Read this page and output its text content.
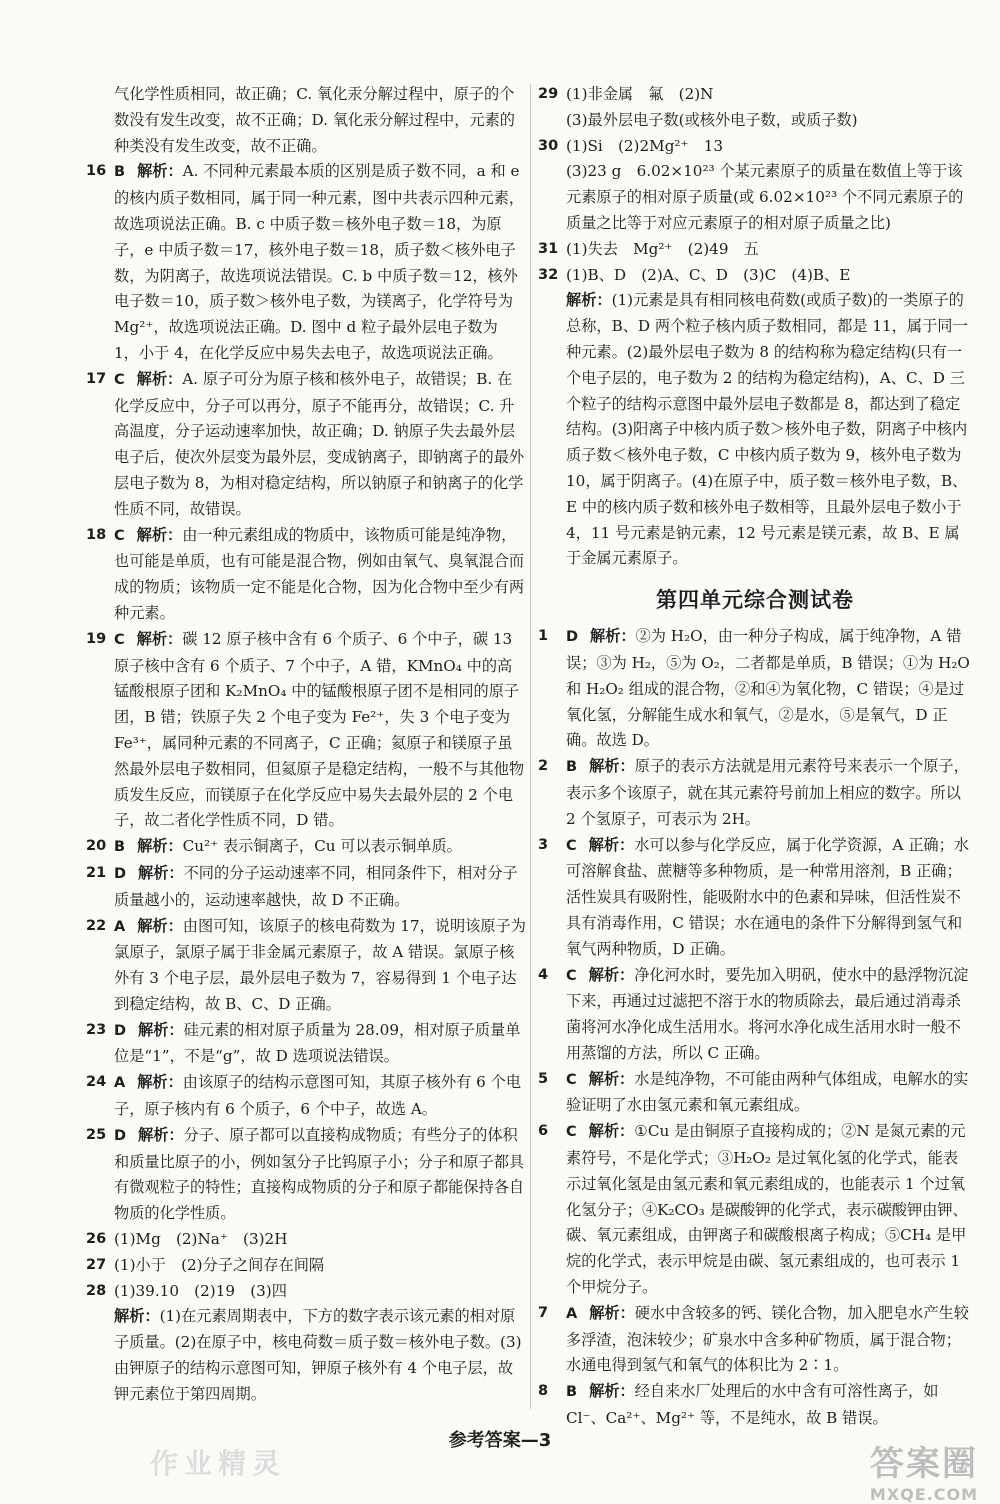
气化学性质相同，故正确；C. 氧化汞分解过程中，原子的个数没有发生改变，故不正确；D. 氧化汞分解过程中，元素的种类没有发生改变，故不正确。
16 B 解析：A. 不同种元素最本质的区别是质子数不同，a 和 e 的核内质子数相同，属于同一种元素，图中共表示四种元素，故选项说法正确。B. c 中质子数＝核外电子数＝18，为原子，e 中质子数＝17，核外电子数＝18，质子数＜核外电子数，为阴离子，故选项说法错误。C. b 中质子数＝12，核外电子数＝10，质子数＞核外电子数，为镁离子，化学符号为 Mg²⁺，故选项说法正确。D. 图中 d 粒子最外层电子数为 1，小于 4，在化学反应中易失去电子，故选项说法正确。
17 C 解析：A. 原子可分为原子核和核外电子，故错误；B. 在化学反应中，分子可以再分，原子不能再分，故错误；C. 升高温度，分子运动速率加快，故正确；D. 钠原子失去最外层电子后，使次外层变为最外层，变成钠离子，即钠离子的最外层电子数为 8，为相对稳定结构，所以钠原子和钠离子的化学性质不同，故错误。
18 C 解析：由一种元素组成的物质中，该物质可能是纯净物，也可能是单质，也有可能是混合物，例如由氧气、臭氧混合而成的物质；该物质一定不能是化合物，因为化合物中至少有两种元素。
19 C 解析：碳 12 原子核中含有 6 个质子、6 个中子，碳 13 原子核中含有 6 个质子、7 个中子，A 错，KMnO₄ 中的高锰酸根原子团和 K₂MnO₄ 中的锰酸根原子团不是相同的原子团，B 错；铁原子失 2 个电子变为 Fe²⁺，失 3 个电子变为 Fe³⁺，属同种元素的不同离子，C 正确；氦原子和镁原子虽然最外层电子数相同，但氦原子是稳定结构，一般不与其他物质发生反应，而镁原子在化学反应中易失去最外层的 2 个电子，故二者化学性质不同，D 错。
20 B 解析：Cu²⁺ 表示铜离子，Cu 可以表示铜单质。
21 D 解析：不同的分子运动速率不同，相同条件下，相对分子质量越小的，运动速率越快，故 D 不正确。
22 A 解析：由图可知，该原子的核电荷数为 17，说明该原子为氯原子，氯原子属于非金属元素原子，故 A 错误。氯原子核外有 3 个电子层，最外层电子数为 7，容易得到 1 个电子达到稳定结构，故 B、C、D 正确。
23 D 解析：硅元素的相对原子质量为 28.09，相对原子质量单位是“1”，不是“g”，故 D 选项说法错误。
24 A 解析：由该原子的结构示意图可知，其原子核外有 6 个电子，原子核内有 6 个质子，6 个中子，故选 A。
25 D 解析：分子、原子都可以直接构成物质；有些分子的体积和质量比原子的小，例如氢分子比钨原子小；分子和原子都具有微观粒子的特性；直接构成物质的分子和原子都能保持各自物质的化学性质。
26 (1)Mg　(2)Na⁺　(3)2H
27 (1)小于　(2)分子之间存在间隔
28 (1)39.10　(2)19　(3)四
解析：(1)在元素周期表中，下方的数字表示该元素的相对原子质量。(2)在原子中，核电荷数＝质子数＝核外电子数。(3)由钾原子的结构示意图可知，钾原子核外有 4 个电子层，故钾元素位于第四周期。
29 (1)非金属　氟　(2)N
(3)最外层电子数(或核外电子数，或质子数)
30 (1)Si　(2)2Mg²⁺　13
(3)23 g　6.02×10²³ 个某元素原子的质量在数值上等于该元素原子的相对原子质量(或 6.02×10²³ 个不同元素原子的质量之比等于对应元素原子的相对原子质量之比)
31 (1)失去　Mg²⁺　(2)49　五
32 (1)B、D　(2)A、C、D　(3)C　(4)B、E
解析：(1)元素是具有相同核电荷数(或质子数)的一类原子的总称，B、D 两个粒子核内质子数相同，都是 11，属于同一种元素。(2)最外层电子数为 8 的结构称为稳定结构(只有一个电子层的，电子数为 2 的结构为稳定结构)，A、C、D 三个粒子的结构示意图中最外层电子数都是 8，都达到了稳定结构。(3)阳离子中核内质子数＞核外电子数，阴离子中核内质子数＜核外电子数，C 中核内质子数为 9，核外电子数为 10，属于阴离子。(4)在原子中，质子数＝核外电子数，B、E 中的核内质子数和核外电子数相等，且最外层电子数小于 4，11 号元素是钠元素，12 号元素是镁元素，故 B、E 属于金属元素原子。
第四单元综合测试卷
1	D 解析：②为 H₂O，由一种分子构成，属于纯净物，A 错误；③为 H₂，⑤为 O₂，二者都是单质，B 错误；①为 H₂O 和 H₂O₂ 组成的混合物，②和④为氧化物，C 错误；④是过氧化氢，分解能生成水和氧气，②是水，⑤是氧气，D 正确。故选 D。
2	B 解析：原子的表示方法就是用元素符号来表示一个原子，表示多个该原子，就在其元素符号前加上相应的数字。所以 2 个氢原子，可表示为 2H。
3	C 解析：水可以参与化学反应，属于化学资源，A 正确；水可溶解食盐、蔗糖等多种物质，是一种常用溶剂，B 正确；活性炭具有吸附性，能吸附水中的色素和异味，但活性炭不具有消毒作用，C 错误；水在通电的条件下分解得到氢气和氧气两种物质，D 正确。
4	C 解析：净化河水时，要先加入明矾，使水中的悬浮物沉淀下来，再通过过滤把不溶于水的物质除去，最后通过消毒杀菌将河水净化成生活用水。将河水净化成生活用水时一般不用蒸馏的方法，所以 C 正确。
5	C 解析：水是纯净物，不可能由两种气体组成，电解水的实验证明了水由氢元素和氧元素组成。
6	C 解析：①Cu 是由铜原子直接构成的；②N 是氮元素的元素符号，不是化学式；③H₂O₂ 是过氧化氢的化学式，能表示过氧化氢是由氢元素和氧元素组成的，也能表示 1 个过氧化氢分子；④K₂CO₃ 是碳酸钾的化学式，表示碳酸钾由钾、碳、氧元素组成，由钾离子和碳酸根离子构成；⑤CH₄ 是甲烷的化学式，表示甲烷是由碳、氢元素组成的，也可表示 1 个甲烷分子。
7	A 解析：硬水中含较多的钙、镁化合物，加入肥皂水产生较多浮渣，泡沫较少；矿泉水中含多种矿物质，属于混合物；水通电得到氢气和氧气的体积比为 2∶1。
8	B 解析：经自来水厂处理后的水中含有可溶性离子，如 Cl⁻、Ca²⁺、Mg²⁺ 等，不是纯水，故 B 错误。
参考答案—3
作业精灵	答案圈
MXQE.COM
